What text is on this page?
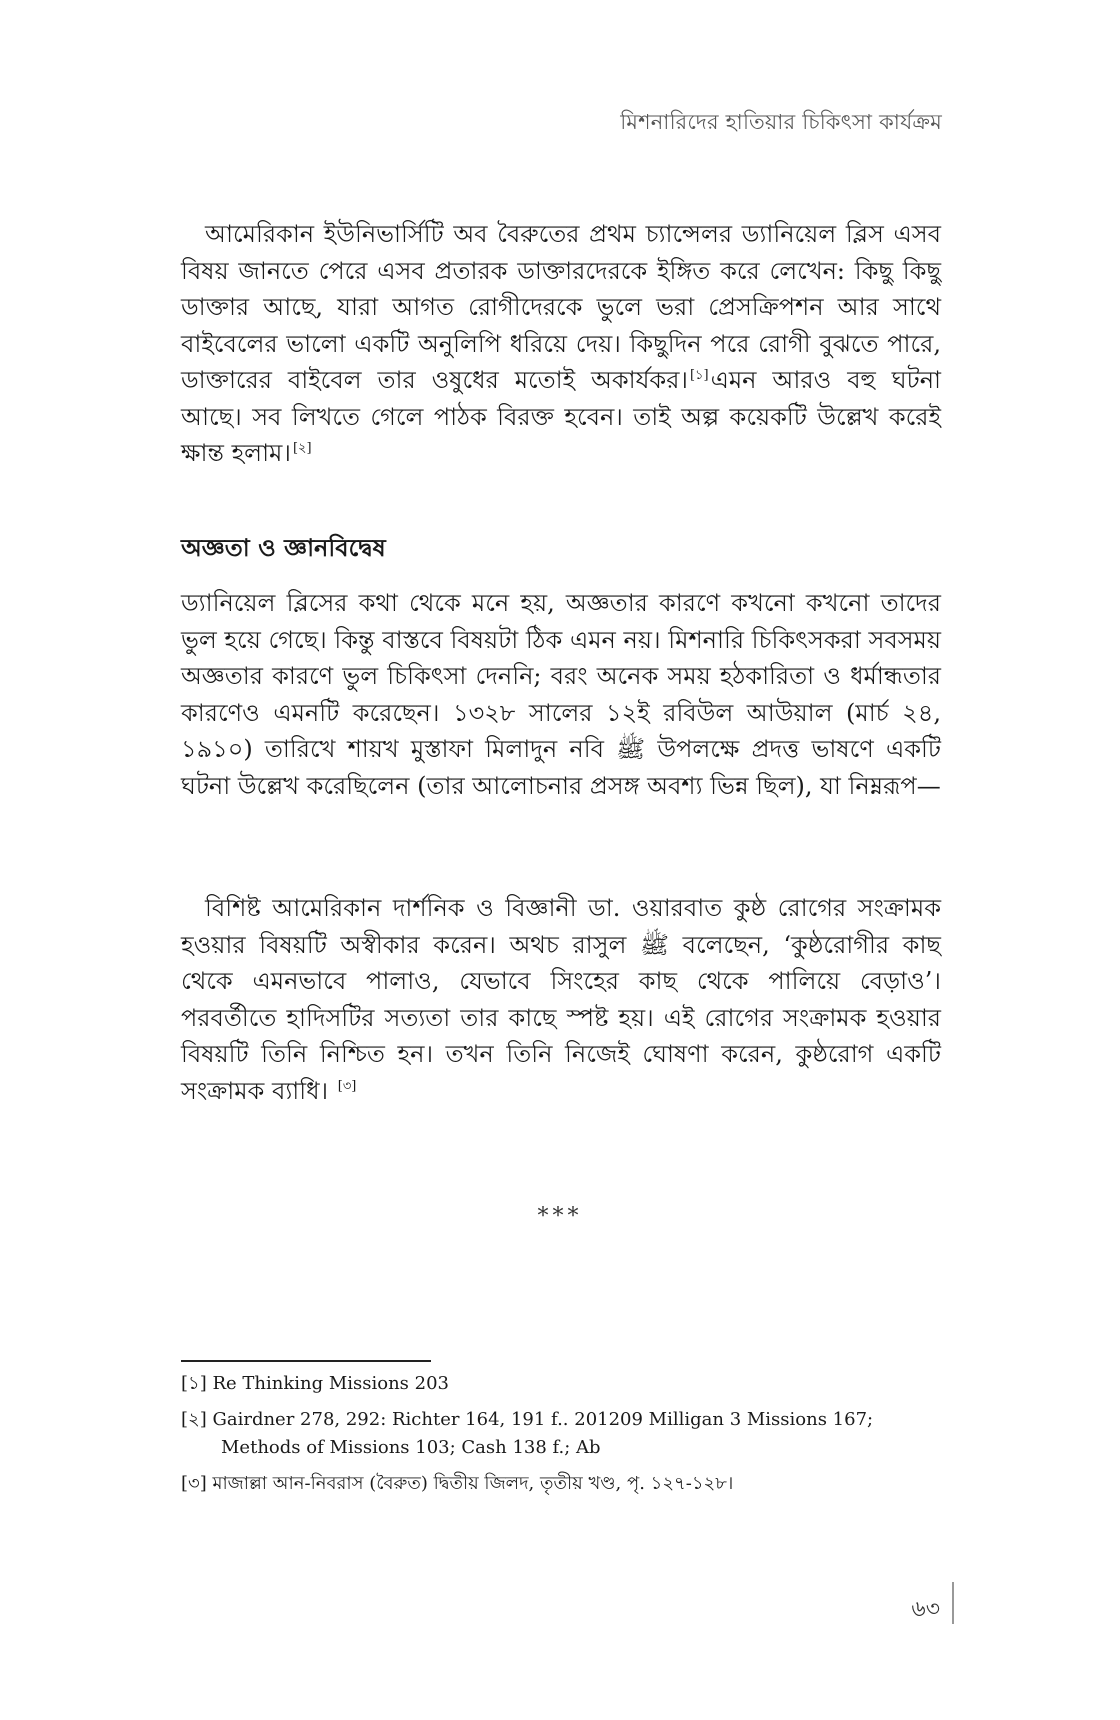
মিশনারিদের হাতিয়ার চিকিৎসা কার্যক্রম

আমেরিকান ইউনিভার্সিটি অব বৈরুতের প্রথম চ্যান্সেলর ড্যানিয়েল ব্লিস এসব বিষয় জানতে পেরে এসব প্রতারক ডাক্তারদেরকে ইঙ্গিত করে লেখেন: কিছু কিছু ডাক্তার আছে, যারা আগত রোগীদেরকে ভুলে ভরা প্রেসক্রিপশন আর সাথে বাইবেলের ভালো একটি অনুলিপি ধরিয়ে দেয়। কিছুদিন পরে রোগী বুঝতে পারে, ডাক্তারের বাইবেল তার ওষুধের মতোই অকার্যকর। [১]এমন আরও বহু ঘটনা আছে। সব লিখতে গেলে পাঠক বিরক্ত হবেন। তাই অল্প কয়েকটি উল্লেখ করেই ক্ষান্ত হলাম। [২]

অজ্ঞতা ও জ্ঞানবিদ্বেষ

ড্যানিয়েল ব্লিসের কথা থেকে মনে হয়, অজ্ঞতার কারণে কখনো কখনো তাদের ভুল হয়ে গেছে। কিন্তু বাস্তবে বিষয়টা ঠিক এমন নয়। মিশনারি চিকিৎসকরা সবসময় অজ্ঞতার কারণে ভুল চিকিৎসা দেননি; বরং অনেক সময় হঠকারিতা ও ধর্মান্ধতার কারণেও এমনটি করেছেন। ১৩২৮ সালের ১২ই রবিউল আউয়াল (মার্চ ২৪, ১৯১০) তারিখে শায়খ মুস্তাফা মিলাদুন নবি ﷺ উপলক্ষে প্রদত্ত ভাষণে একটি ঘটনা উল্লেখ করেছিলেন (তার আলোচনার প্রসঙ্গ অবশ্য ভিন্ন ছিল), যা নিম্নরূপ—

বিশিষ্ট আমেরিকান দার্শনিক ও বিজ্ঞানী ডা. ওয়ারবাত কুষ্ঠ রোগের সংক্রামক হওয়ার বিষয়টি অস্বীকার করেন। অথচ রাসুল ﷺ বলেছেন, ‘কুষ্ঠরোগীর কাছ থেকে এমনভাবে পালাও, যেভাবে সিংহের কাছ থেকে পালিয়ে বেড়াও’। পরবর্তীতে হাদিসটির সত্যতা তার কাছে স্পষ্ট হয়। এই রোগের সংক্রামক হওয়ার বিষয়টি তিনি নিশ্চিত হন। তখন তিনি নিজেই ঘোষণা করেন, কুষ্ঠরোগ একটি সংক্রামক ব্যাধি। [৩]

***

[১] Re Thinking Missions 203

[২] Gairdner 278, 292: Richter 164, 191 f.. 201209 Milligan 3 Missions 167; Methods of Missions 103; Cash 138 f.; Ab

[৩] মাজাল্লা আন-নিবরাস (বৈরুত) দ্বিতীয় জিলদ, তৃতীয় খণ্ড, পৃ. ১২৭-১২৮।

৬৩
